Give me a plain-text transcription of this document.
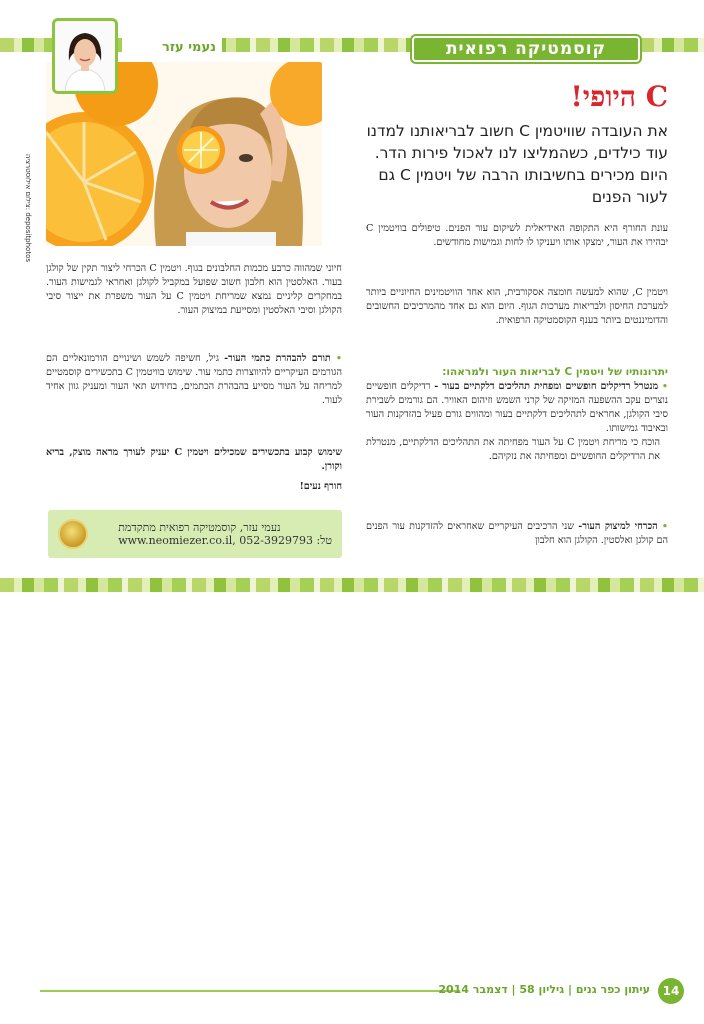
קוסמטיקה רפואית
נעמי עזר
depositphotos :צילום אילוסטרציה
C היופי!
את העובדה שוויטמין C חשוב לבריאותנו למדנו עוד כילדים, כשהמליצו לנו לאכול פירות הדר. היום מכירים בחשיבותו הרבה של ויטמין C גם לעור הפנים

עונת החורף היא התקופה האידיאלית לשיקום עור הפנים. טיפולים בוויטמין C יבהירו את העור, ימצקו אותו ויעניקו לו לחות וגמישות מחודשים.

ויטמין C, שהוא למעשה חומצה אסקורבית, הוא אחד הוויטמינים החיוניים ביותר למערכת החיסון ולבריאות מערכות הגוף. היום הוא גם אחד מהמרכיבים החשובים והדומיננטים ביותר בענף הקוסמטיקה הרפואית.

יתרונותיו של ויטמין C לבריאות העור ולמראהו:
• מנטרל רדיקלים חופשיים ומפחית תהליכים דלקתיים בעור - רדיקלים חופשיים נוצרים עקב ההשפעה המזיקה של קרני השמש וזיהום האוויר. הם גורמים לשבירת סיבי הקולגן, אחראים לתהליכים דלקתיים בעור ומהווים גורם פעיל בהזדקנות העור ובאיבוד גמישותו.
הוכח כי מריחת ויטמין C על העור מפחיתה את התהליכים הדלקתיים, מנטרלת את הרדיקלים החופשיים ומפחיתה את נזקיהם.
• הכרחי למיצוק העור- שני הרכיבים העיקריים שאחראים להזדקנות עור הפנים הם קולגן ואלסטין. הקולגן הוא חלבון

חיוני שמהווה כרבע מכמות החלבונים בגוף. ויטמין C הכרחי ליצור תקין של קולגן בעור. האלסטין הוא חלבון חשוב שפועל במקביל לקולגן ואחראי לגמישות העור. במחקרים קליניים נמצא שמריחת ויטמין C על העור משפרת את ייצור סיבי הקולגן וסיבי האלסטין ומסייעת במיצוק העור.

• תורם להבהרת כתמי העור- גיל, חשיפה לשמש ושינויים הורמונאליים הם הגורמים העיקריים להיווצרות כתמי עור. שימוש בוויטמין C בתכשירים קוסמטיים למריחה על העור מסייע בהבהרת הכתמים, בחידוש תאי העור ומעניק גוון אחיד לעור.

שימוש קבוע בתכשירים שמכילים ויטמין C יעניק לעורך מראה מוצק, בריא וקורן.

חורף נעים!

נעמי עזר, קוסמטיקה רפואית מתקדמת
טל: 052-3929793 ,www.neomiezer.co.il
עיתון כפר גנים | גיליון 58 | דצמבר 2014	14
